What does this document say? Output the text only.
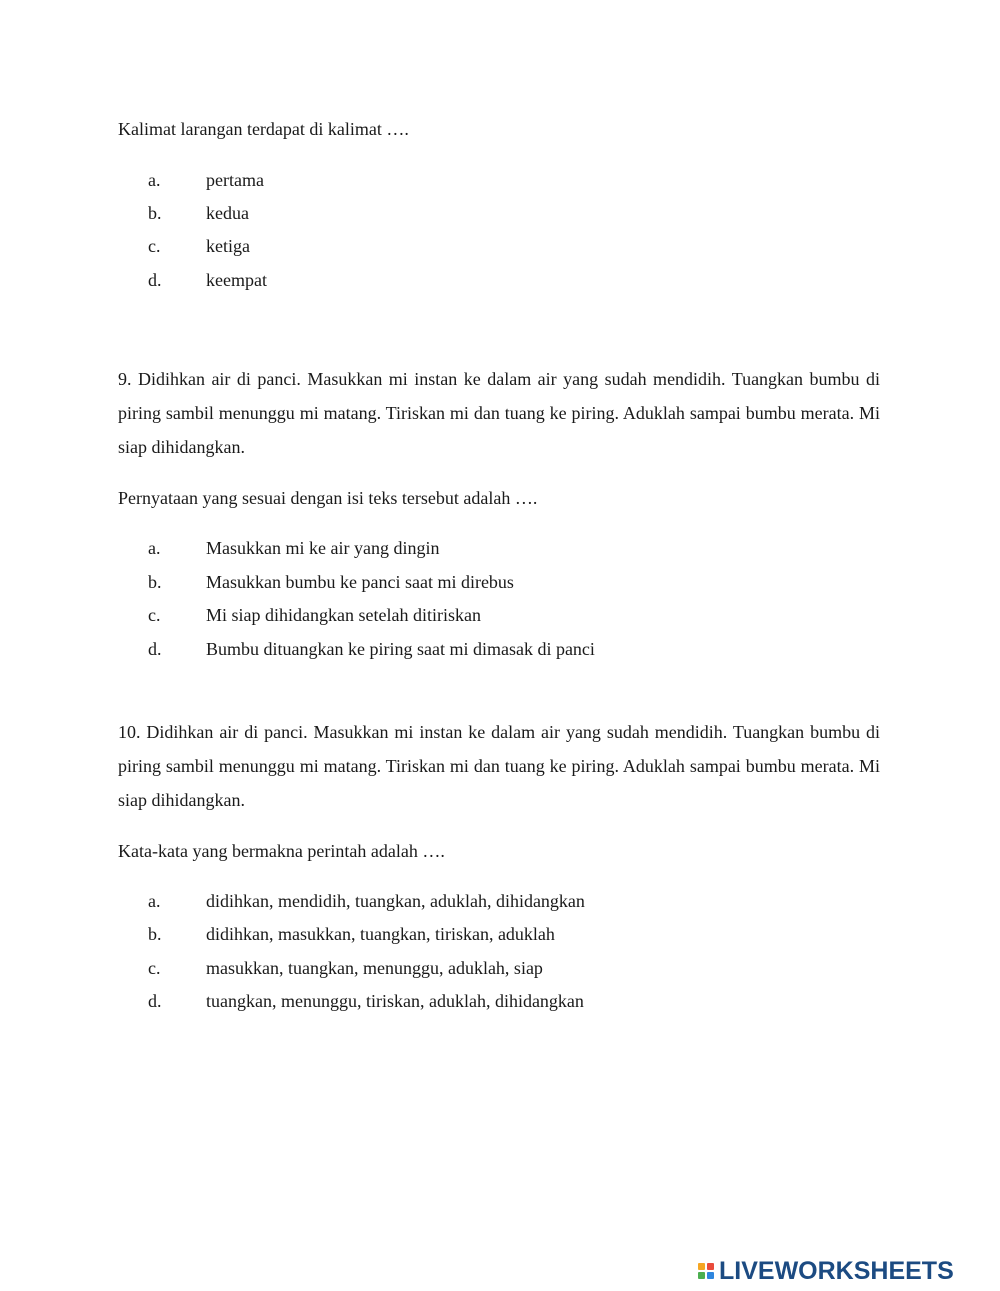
Kalimat larangan terdapat di kalimat ….
a.	pertama
b.	kedua
c.	ketiga
d.	keempat
9. Didihkan air di panci. Masukkan mi instan ke dalam air yang sudah mendidih. Tuangkan bumbu di piring sambil menunggu mi matang. Tiriskan mi dan tuang ke piring. Aduklah sampai bumbu merata. Mi siap dihidangkan.
Pernyataan yang sesuai dengan isi teks tersebut adalah ….
a.	Masukkan mi ke air yang dingin
b.	Masukkan bumbu ke panci saat mi direbus
c.	Mi siap dihidangkan setelah ditiriskan
d.	Bumbu dituangkan ke piring saat mi dimasak di panci
10. Didihkan air di panci. Masukkan mi instan ke dalam air yang sudah mendidih. Tuangkan bumbu di piring sambil menunggu mi matang. Tiriskan mi dan tuang ke piring. Aduklah sampai bumbu merata. Mi siap dihidangkan.
Kata-kata yang bermakna perintah adalah ….
a.	didihkan, mendidih, tuangkan, aduklah, dihidangkan
b.	didihkan, masukkan, tuangkan, tiriskan, aduklah
c.	masukkan, tuangkan, menunggu, aduklah, siap
d.	tuangkan, menunggu, tiriskan, aduklah, dihidangkan
LIVEWORKSHEETS
